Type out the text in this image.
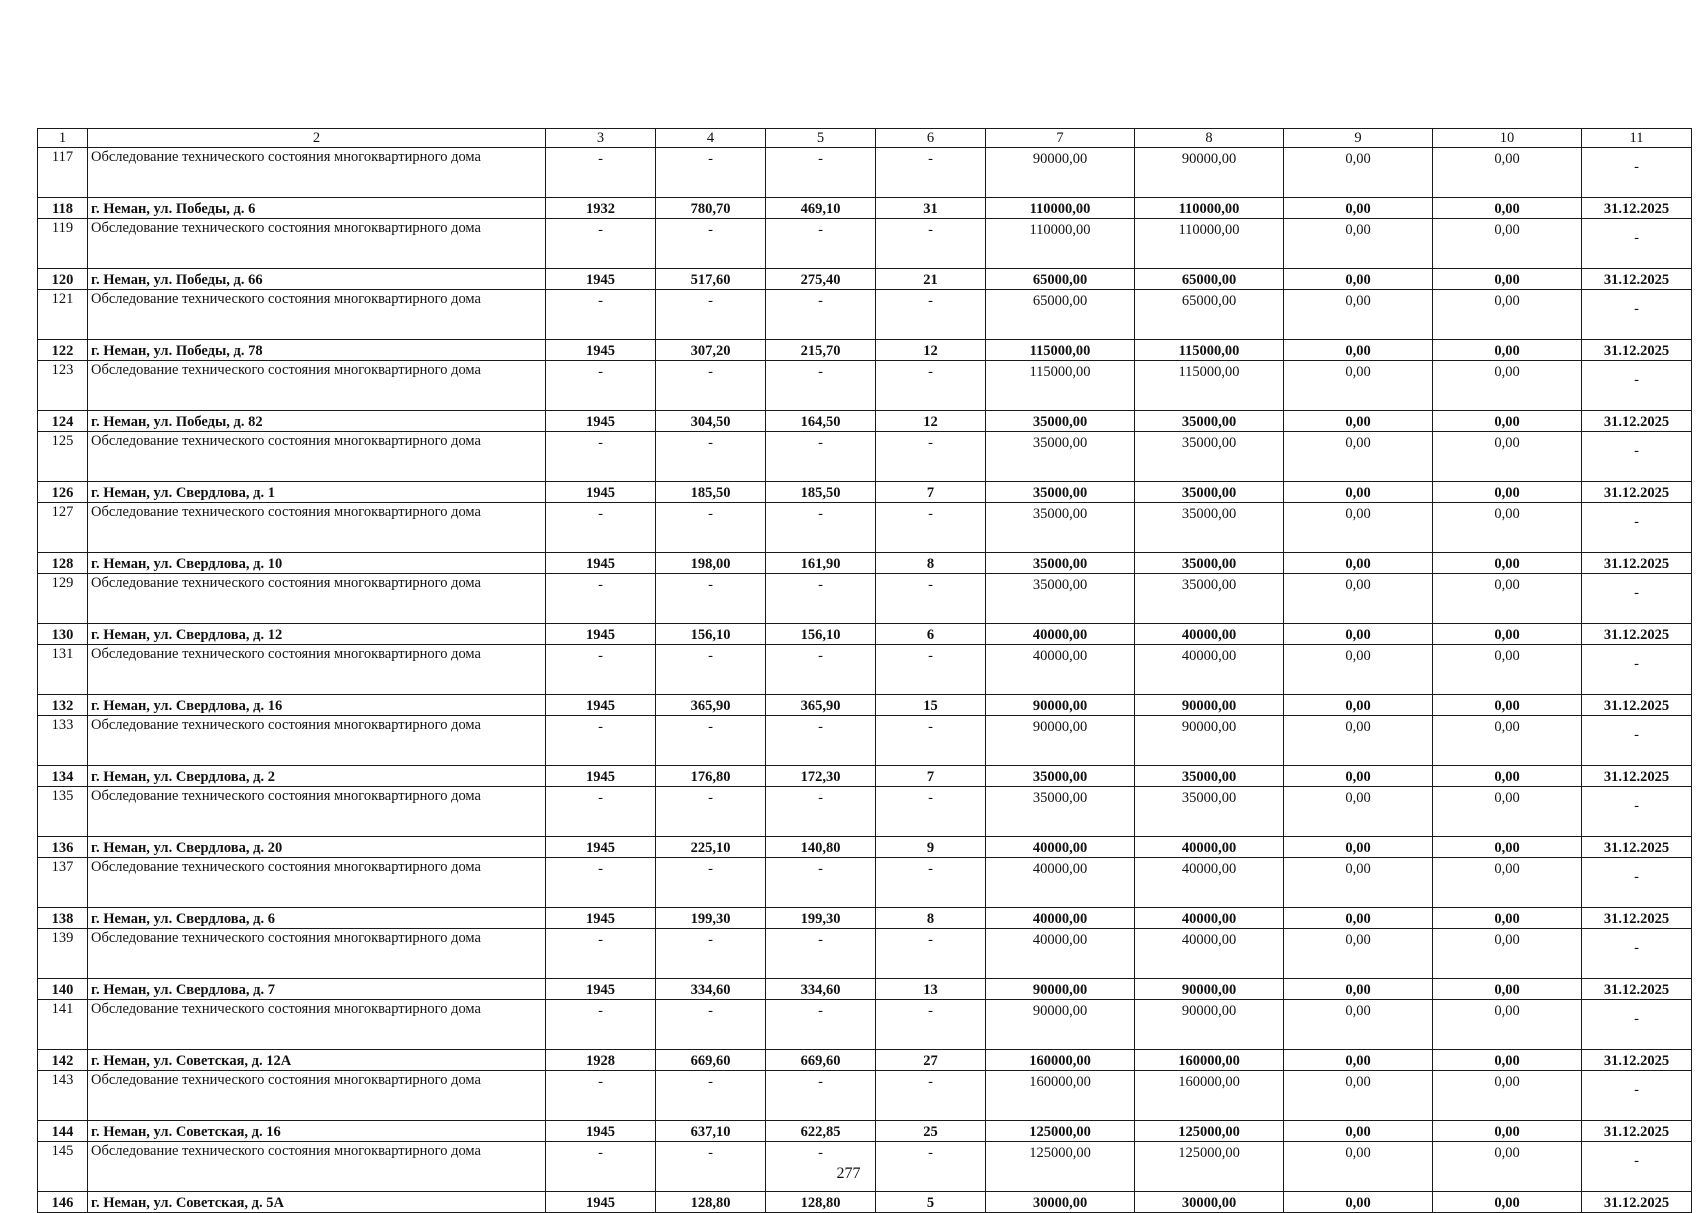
1	2	3	4	5	6	7	8	9	10	11
117	Обследование технического состояния многоквартирного дома	-	-	-	-	90000,00	90000,00	0,00	0,00	-
118	г. Неман, ул. Победы, д. 6	1932	780,70	469,10	31	110000,00	110000,00	0,00	0,00	31.12.2025
119	Обследование технического состояния многоквартирного дома	-	-	-	-	110000,00	110000,00	0,00	0,00	-
120	г. Неман, ул. Победы, д. 66	1945	517,60	275,40	21	65000,00	65000,00	0,00	0,00	31.12.2025
121	Обследование технического состояния многоквартирного дома	-	-	-	-	65000,00	65000,00	0,00	0,00	-
122	г. Неман, ул. Победы, д. 78	1945	307,20	215,70	12	115000,00	115000,00	0,00	0,00	31.12.2025
123	Обследование технического состояния многоквартирного дома	-	-	-	-	115000,00	115000,00	0,00	0,00	-
124	г. Неман, ул. Победы, д. 82	1945	304,50	164,50	12	35000,00	35000,00	0,00	0,00	31.12.2025
125	Обследование технического состояния многоквартирного дома	-	-	-	-	35000,00	35000,00	0,00	0,00	-
126	г. Неман, ул. Свердлова, д. 1	1945	185,50	185,50	7	35000,00	35000,00	0,00	0,00	31.12.2025
127	Обследование технического состояния многоквартирного дома	-	-	-	-	35000,00	35000,00	0,00	0,00	-
128	г. Неман, ул. Свердлова, д. 10	1945	198,00	161,90	8	35000,00	35000,00	0,00	0,00	31.12.2025
129	Обследование технического состояния многоквартирного дома	-	-	-	-	35000,00	35000,00	0,00	0,00	-
130	г. Неман, ул. Свердлова, д. 12	1945	156,10	156,10	6	40000,00	40000,00	0,00	0,00	31.12.2025
131	Обследование технического состояния многоквартирного дома	-	-	-	-	40000,00	40000,00	0,00	0,00	-
132	г. Неман, ул. Свердлова, д. 16	1945	365,90	365,90	15	90000,00	90000,00	0,00	0,00	31.12.2025
133	Обследование технического состояния многоквартирного дома	-	-	-	-	90000,00	90000,00	0,00	0,00	-
134	г. Неман, ул. Свердлова, д. 2	1945	176,80	172,30	7	35000,00	35000,00	0,00	0,00	31.12.2025
135	Обследование технического состояния многоквартирного дома	-	-	-	-	35000,00	35000,00	0,00	0,00	-
136	г. Неман, ул. Свердлова, д. 20	1945	225,10	140,80	9	40000,00	40000,00	0,00	0,00	31.12.2025
137	Обследование технического состояния многоквартирного дома	-	-	-	-	40000,00	40000,00	0,00	0,00	-
138	г. Неман, ул. Свердлова, д. 6	1945	199,30	199,30	8	40000,00	40000,00	0,00	0,00	31.12.2025
139	Обследование технического состояния многоквартирного дома	-	-	-	-	40000,00	40000,00	0,00	0,00	-
140	г. Неман, ул. Свердлова, д. 7	1945	334,60	334,60	13	90000,00	90000,00	0,00	0,00	31.12.2025
141	Обследование технического состояния многоквартирного дома	-	-	-	-	90000,00	90000,00	0,00	0,00	-
142	г. Неман, ул. Советская, д. 12А	1928	669,60	669,60	27	160000,00	160000,00	0,00	0,00	31.12.2025
143	Обследование технического состояния многоквартирного дома	-	-	-	-	160000,00	160000,00	0,00	0,00	-
144	г. Неман, ул. Советская, д. 16	1945	637,10	622,85	25	125000,00	125000,00	0,00	0,00	31.12.2025
145	Обследование технического состояния многоквартирного дома	-	-	-	-	125000,00	125000,00	0,00	0,00	-
146	г. Неман, ул. Советская, д. 5А	1945	128,80	128,80	5	30000,00	30000,00	0,00	0,00	31.12.2025
277
